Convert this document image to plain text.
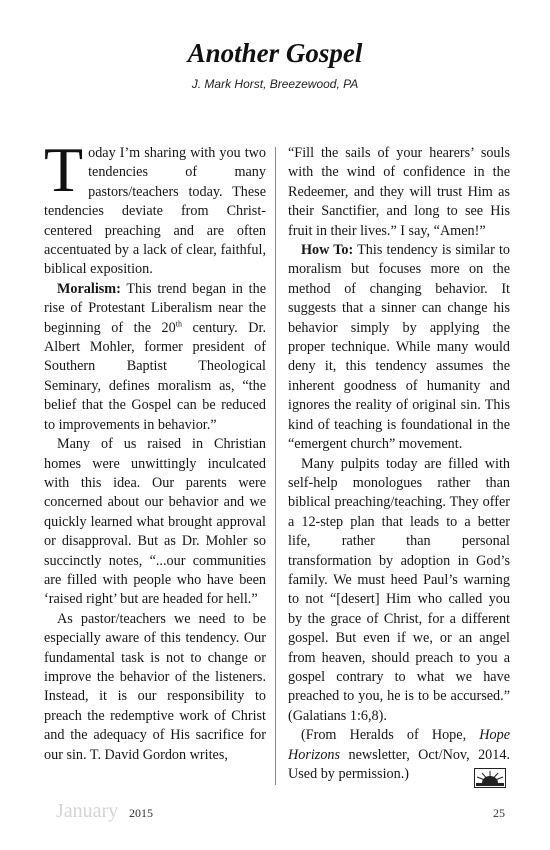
Another Gospel
J. Mark Horst, Breezewood, PA

Today I’m sharing with you two tendencies of many pastors/teachers today. These tendencies deviate from Christ-centered preaching and are often accentuated by a lack of clear, faithful, biblical exposition.

Moralism: This trend began in the rise of Protestant Liberalism near the beginning of the 20th century. Dr. Albert Mohler, former president of Southern Baptist Theological Seminary, defines moralism as, “the belief that the Gospel can be reduced to improvements in behavior.”

Many of us raised in Christian homes were unwittingly inculcated with this idea. Our parents were concerned about our behavior and we quickly learned what brought approval or disapproval. But as Dr. Mohler so succinctly notes, “...our communities are filled with people who have been ‘raised right’ but are headed for hell.”

As pastor/teachers we need to be especially aware of this tendency. Our fundamental task is not to change or improve the behavior of the listeners. Instead, it is our responsibility to preach the redemptive work of Christ and the adequacy of His sacrifice for our sin. T. David Gordon writes,

“Fill the sails of your hearers’ souls with the wind of confidence in the Redeemer, and they will trust Him as their Sanctifier, and long to see His fruit in their lives.” I say, “Amen!”

How To: This tendency is similar to moralism but focuses more on the method of changing behavior. It suggests that a sinner can change his behavior simply by applying the proper technique. While many would deny it, this tendency assumes the inherent goodness of humanity and ignores the reality of original sin. This kind of teaching is foundational in the “emergent church” movement.

Many pulpits today are filled with self-help monologues rather than biblical preaching/teaching. They offer a 12-step plan that leads to a better life, rather than personal transformation by adoption in God’s family. We must heed Paul’s warning to not “[desert] Him who called you by the grace of Christ, for a different gospel. But even if we, or an angel from heaven, should preach to you a gospel contrary to what we have preached to you, he is to be accursed.” (Galatians 1:6,8).

(From Heralds of Hope, Hope Horizons newsletter, Oct/Nov, 2014. Used by permission.)

January 2015	25
